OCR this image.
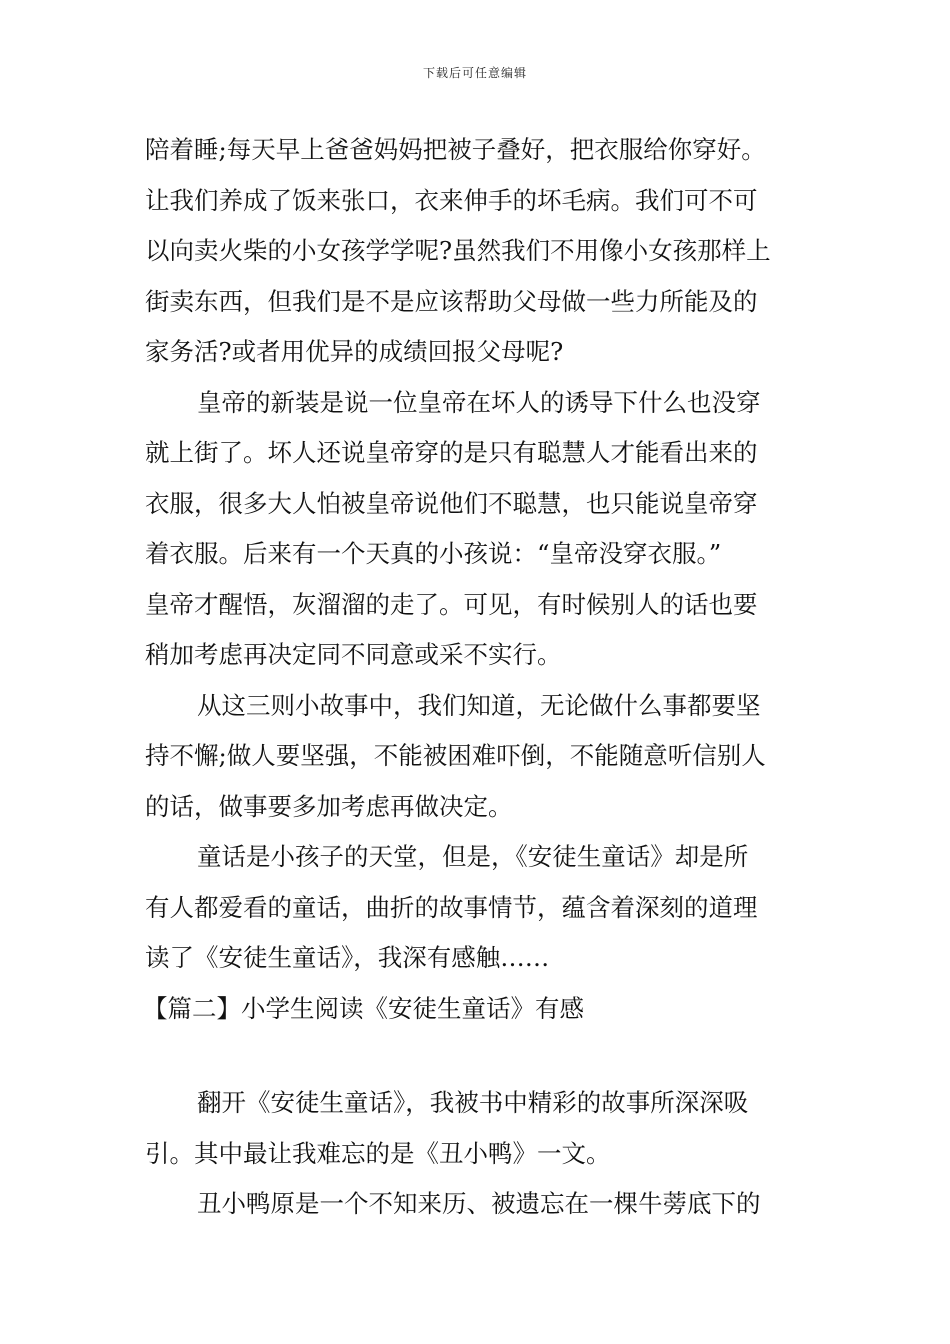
下载后可任意编辑
陪着睡;每天早上爸爸妈妈把被子叠好，把衣服给你穿好。
让我们养成了饭来张口，衣来伸手的坏毛病。我们可不可
以向卖火柴的小女孩学学呢?虽然我们不用像小女孩那样上
街卖东西，但我们是不是应该帮助父母做一些力所能及的
家务活?或者用优异的成绩回报父母呢?
皇帝的新装是说一位皇帝在坏人的诱导下什么也没穿
就上街了。坏人还说皇帝穿的是只有聪慧人才能看出来的
衣服，很多大人怕被皇帝说他们不聪慧，也只能说皇帝穿
着衣服。后来有一个天真的小孩说：“皇帝没穿衣服。”
皇帝才醒悟，灰溜溜的走了。可见，有时候别人的话也要
稍加考虑再决定同不同意或采不实行。
从这三则小故事中，我们知道，无论做什么事都要坚
持不懈;做人要坚强，不能被困难吓倒，不能随意听信别人
的话，做事要多加考虑再做决定。
童话是小孩子的天堂，但是，《安徒生童话》却是所
有人都爱看的童话，曲折的故事情节，蕴含着深刻的道理
读了《安徒生童话》，我深有感触……
【篇二】小学生阅读《安徒生童话》有感
翻开《安徒生童话》，我被书中精彩的故事所深深吸
引。其中最让我难忘的是《丑小鸭》一文。
丑小鸭原是一个不知来历、被遗忘在一棵牛蒡底下的
